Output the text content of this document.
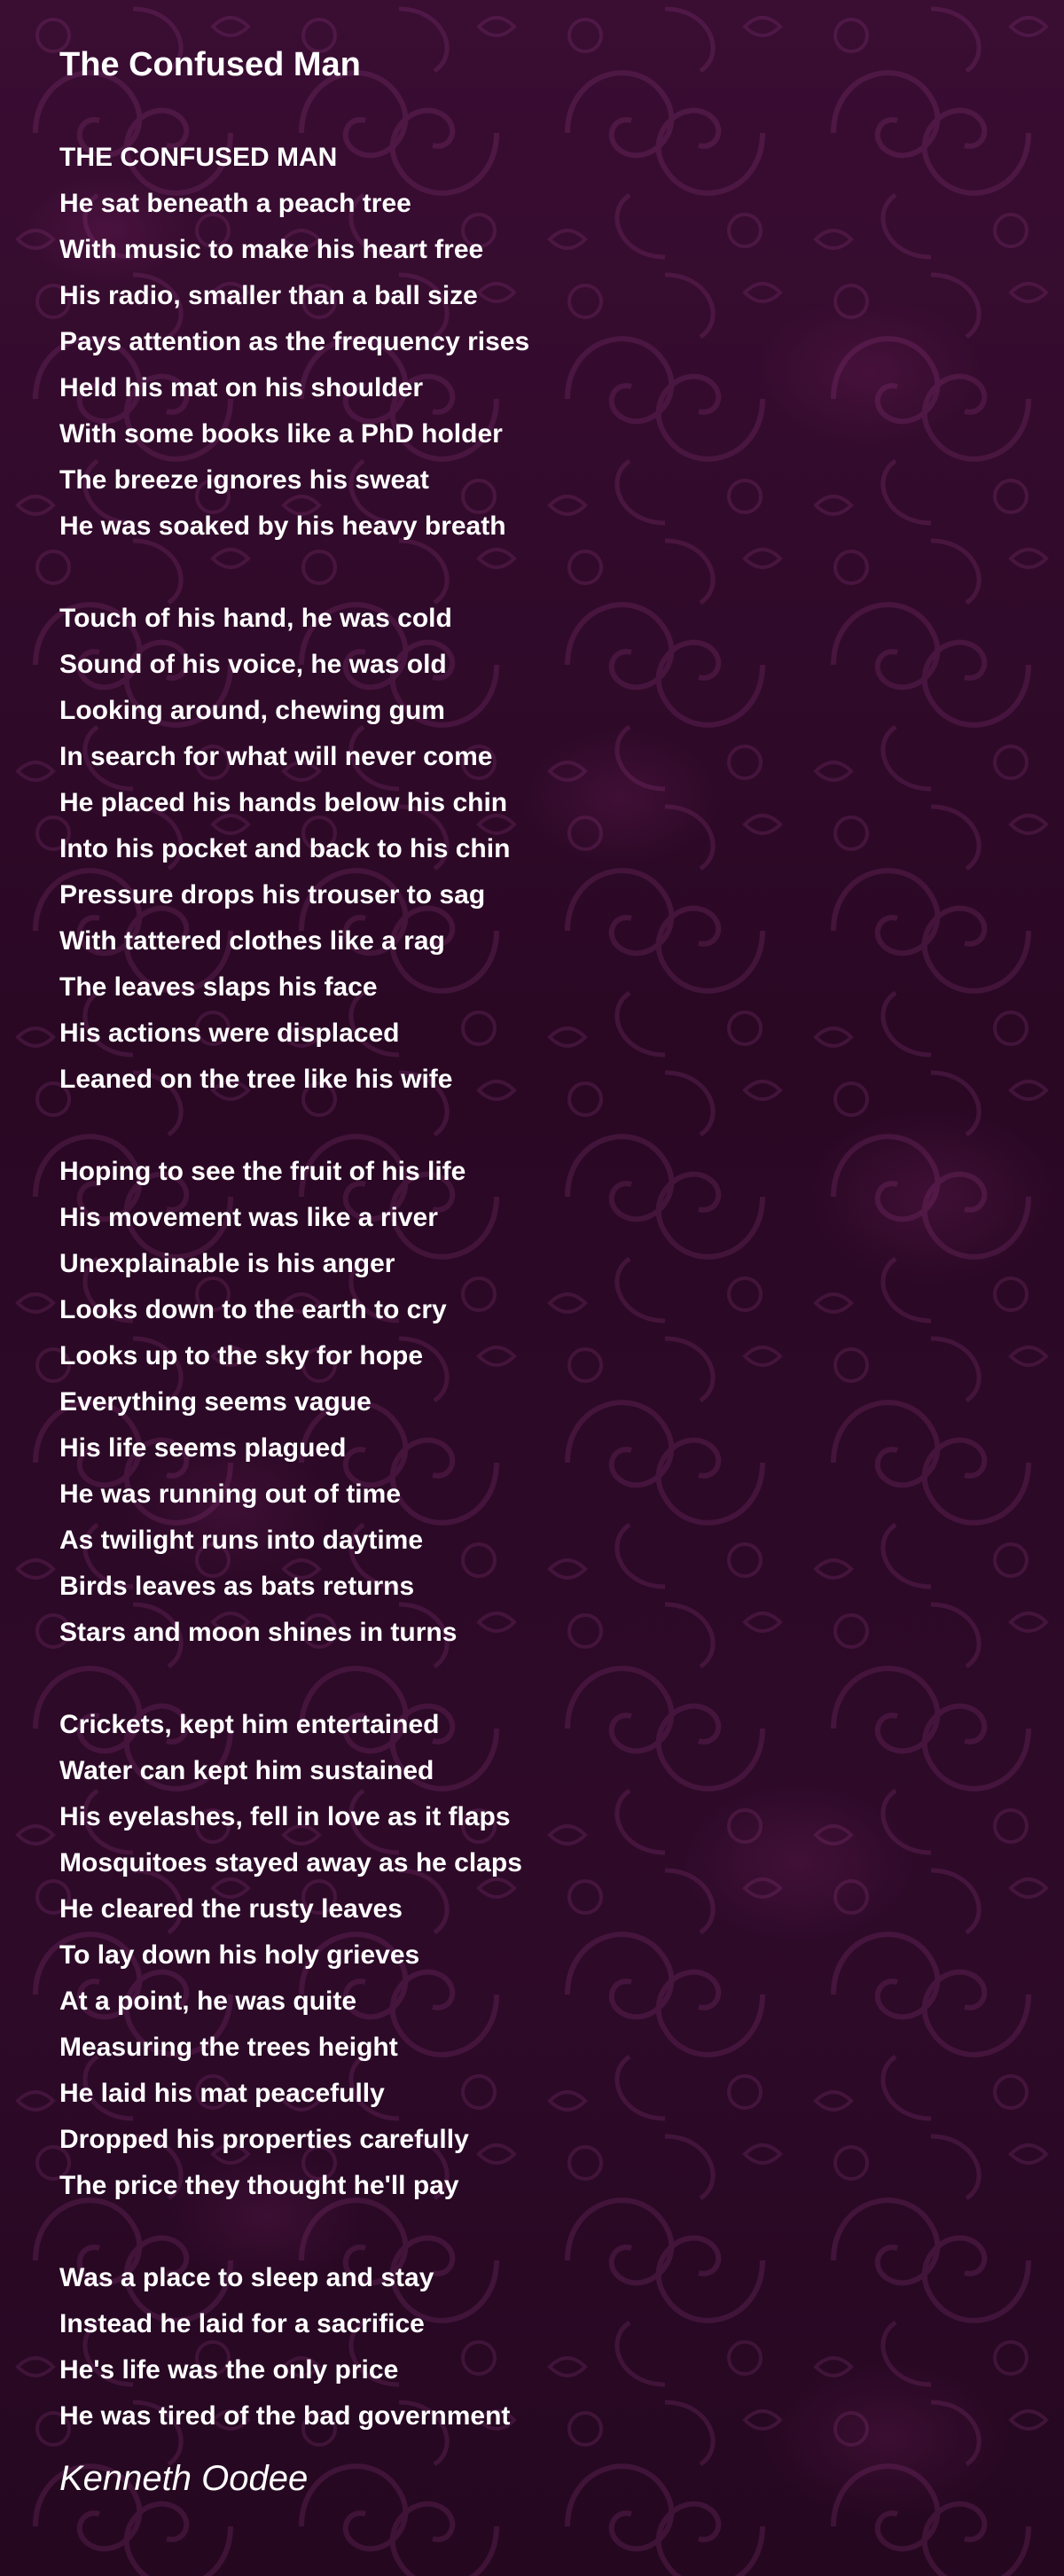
The Confused Man

THE CONFUSED MAN

He sat beneath a peach tree

With music to make his heart free

His radio, smaller than a ball size

Pays attention as the frequency rises

Held his mat on his shoulder

With some books like a PhD holder

The breeze ignores his sweat

He was soaked by his heavy breath

Touch of his hand, he was cold

Sound of his voice, he was old

Looking around, chewing gum

In search for what will never come

He placed his hands below his chin

Into his pocket and back to his chin

Pressure drops his trouser to sag

With tattered clothes like a rag

The leaves slaps his face

His actions were displaced

Leaned on the tree like his wife

Hoping to see the fruit of his life

His movement was like a river

Unexplainable is his anger

Looks down to the earth to cry

Looks up to the sky for hope

Everything seems vague

His life seems plagued

He was running out of time

As twilight runs into daytime

Birds leaves as bats returns

Stars and moon shines in turns

Crickets, kept him entertained

Water can kept him sustained

His eyelashes, fell in love as it flaps

Mosquitoes stayed away as he claps

He cleared the rusty leaves

To lay down his holy grieves

At a point, he was quite

Measuring the trees height

He laid his mat peacefully

Dropped his properties carefully

The price they thought he'll pay

Was a place to sleep and stay

Instead he laid for a sacrifice

He's life was the only price

He was tired of the bad government

Kenneth Oodee
